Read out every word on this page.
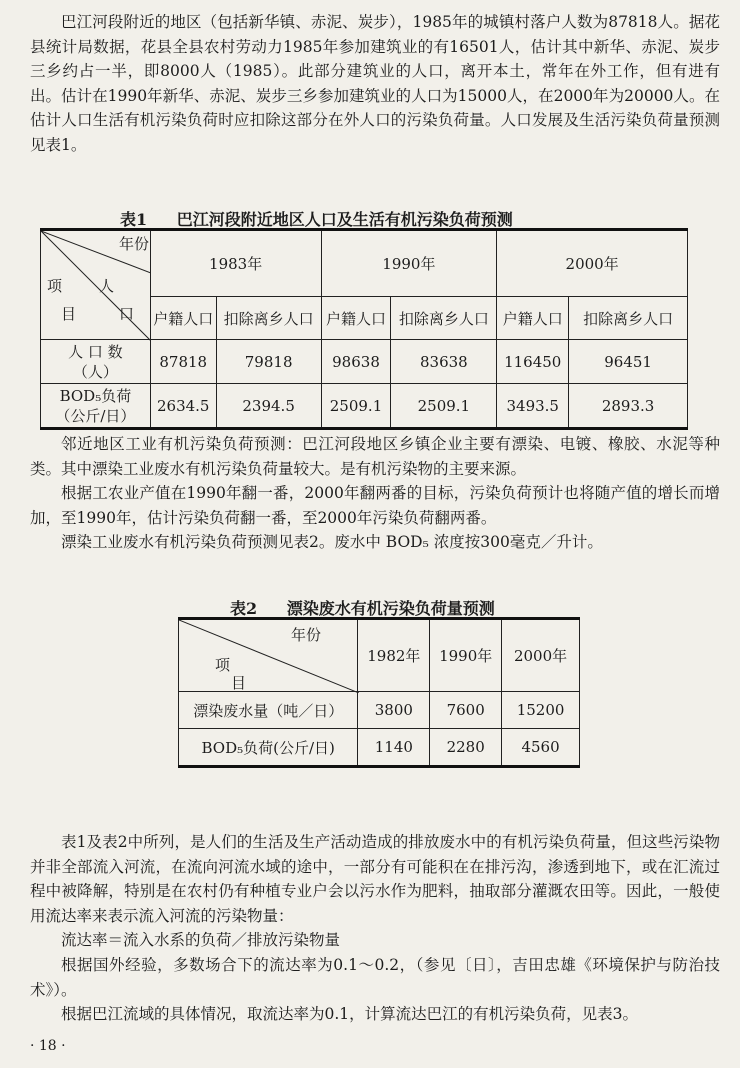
巴江河段附近的地区（包括新华镇、赤泥、炭步），1985年的城镇村落户人数为87818人。据花县统计局数据，花县全县农村劳动力1985年参加建筑业的有16501人，估计其中新华、赤泥、炭步三乡约占一半，即8000人（1985）。此部分建筑业的人口，离开本土，常年在外工作，但有进有出。估计在1990年新华、赤泥、炭步三乡参加建筑业的人口为15000人，在2000年为20000人。在估计人口生活有机污染负荷时应扣除这部分在外人口的污染负荷量。人口发展及生活污染负荷量预测见表1。

表1 巴江河段附近地区人口及生活有机污染负荷预测
年份
人
口
项
目	1983年		1990年		2000年	
	户籍人口	扣除离乡人口	户籍人口	扣除离乡人口	户籍人口	扣除离乡人口

人 口 数
（人）	87818	79818	98638	83638	116450	96451

BOD₅负荷
（公斤/日）	2634.5	2394.5	2509.1	2509.1	3493.5	2893.3

邻近地区工业有机污染负荷预测：巴江河段地区乡镇企业主要有漂染、电镀、橡胶、水泥等种类。其中漂染工业废水有机污染负荷量较大。是有机污染物的主要来源。

根据工农业产值在1990年翻一番，2000年翻两番的目标，污染负荷预计也将随产值的增长而增加，至1990年，估计污染负荷翻一番，至2000年污染负荷翻两番。

漂染工业废水有机污染负荷预测见表2。废水中 BOD₅ 浓度按300毫克／升计。

表2 漂染废水有机污染负荷量预测
年份
项
目	1982年	1990年	2000年
漂染废水量（吨／日）	3800	7600	15200
BOD₅负荷(公斤/日)	1140	2280	4560

表1及表2中所列，是人们的生活及生产活动造成的排放废水中的有机污染负荷量，但这些污染物并非全部流入河流，在流向河流水域的途中，一部分有可能积在在排污沟，渗透到地下，或在汇流过程中被降解，特别是在农村仍有种植专业户会以污水作为肥料，抽取部分灌溉农田等。因此，一般使用流达率来表示流入河流的污染物量：

流达率＝流入水系的负荷／排放污染物量

根据国外经验，多数场合下的流达率为0.1～0.2，（参见〔日〕，吉田忠雄《环境保护与防治技术》）。

根据巴江流域的具体情况，取流达率为0.1，计算流达巴江的有机污染负荷，见表3。

· 18 ·
